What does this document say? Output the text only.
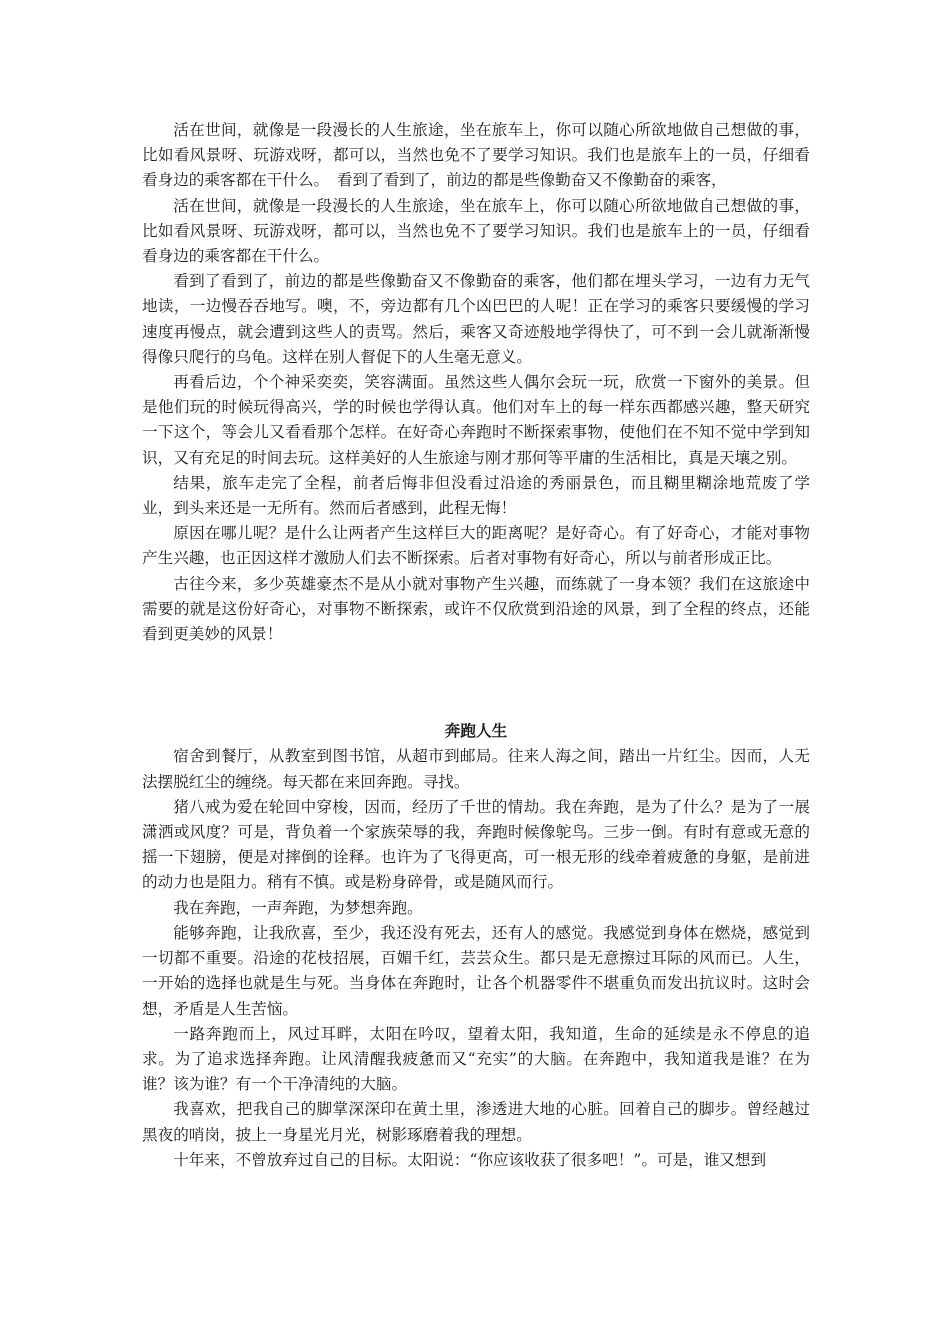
活在世间，就像是一段漫长的人生旅途，坐在旅车上，你可以随心所欲地做自己想做的事，比如看风景呀、玩游戏呀，都可以，当然也免不了要学习知识。我们也是旅车上的一员，仔细看看身边的乘客都在干什么。　看到了看到了，前边的都是些像勤奋又不像勤奋的乘客，

活在世间，就像是一段漫长的人生旅途，坐在旅车上，你可以随心所欲地做自己想做的事，比如看风景呀、玩游戏呀，都可以，当然也免不了要学习知识。我们也是旅车上的一员，仔细看看身边的乘客都在干什么。

看到了看到了，前边的都是些像勤奋又不像勤奋的乘客，他们都在埋头学习，一边有力无气地读，一边慢吞吞地写。噢，不，旁边都有几个凶巴巴的人呢！正在学习的乘客只要缓慢的学习速度再慢点，就会遭到这些人的责骂。然后，乘客又奇迹般地学得快了，可不到一会儿就渐渐慢得像只爬行的乌龟。这样在别人督促下的人生毫无意义。

再看后边，个个神采奕奕，笑容满面。虽然这些人偶尔会玩一玩，欣赏一下窗外的美景。但是他们玩的时候玩得高兴，学的时候也学得认真。他们对车上的每一样东西都感兴趣，整天研究一下这个，等会儿又看看那个怎样。在好奇心奔跑时不断探索事物，使他们在不知不觉中学到知识，又有充足的时间去玩。这样美好的人生旅途与刚才那何等平庸的生活相比，真是天壤之别。

结果，旅车走完了全程，前者后悔非但没看过沿途的秀丽景色，而且糊里糊涂地荒废了学业，到头来还是一无所有。然而后者感到，此程无悔！

原因在哪儿呢？是什么让两者产生这样巨大的距离呢？是好奇心。有了好奇心，才能对事物产生兴趣，也正因这样才激励人们去不断探索。后者对事物有好奇心，所以与前者形成正比。

古往今来，多少英雄豪杰不是从小就对事物产生兴趣，而练就了一身本领？我们在这旅途中需要的就是这份好奇心，对事物不断探索，或许不仅欣赏到沿途的风景，到了全程的终点，还能看到更美妙的风景！

奔跑人生

宿舍到餐厅，从教室到图书馆，从超市到邮局。往来人海之间，踏出一片红尘。因而，人无法摆脱红尘的缠绕。每天都在来回奔跑。寻找。

猪八戒为爱在轮回中穿梭，因而，经历了千世的情劫。我在奔跑，是为了什么？是为了一展潇洒或风度？可是，背负着一个家族荣辱的我，奔跑时候像鸵鸟。三步一倒。有时有意或无意的摇一下翅膀，便是对摔倒的诠释。也许为了飞得更高，可一根无形的线牵着疲惫的身躯，是前进的动力也是阻力。稍有不慎。或是粉身碎骨，或是随风而行。

我在奔跑，一声奔跑，为梦想奔跑。

能够奔跑，让我欣喜，至少，我还没有死去，还有人的感觉。我感觉到身体在燃烧，感觉到一切都不重要。沿途的花枝招展，百媚千红，芸芸众生。都只是无意擦过耳际的风而已。人生，一开始的选择也就是生与死。当身体在奔跑时，让各个机器零件不堪重负而发出抗议时。这时会想，矛盾是人生苦恼。

一路奔跑而上，风过耳畔，太阳在吟叹，望着太阳，我知道，生命的延续是永不停息的追求。为了追求选择奔跑。让风清醒我疲惫而又“充实”的大脑。在奔跑中，我知道我是谁？在为谁？该为谁？有一个干净清纯的大脑。

我喜欢，把我自己的脚掌深深印在黄土里，渗透进大地的心脏。回着自己的脚步。曾经越过黑夜的哨岗，披上一身星光月光，树影琢磨着我的理想。

十年来，不曾放弃过自己的目标。太阳说：“你应该收获了很多吧！”。可是，谁又想到
